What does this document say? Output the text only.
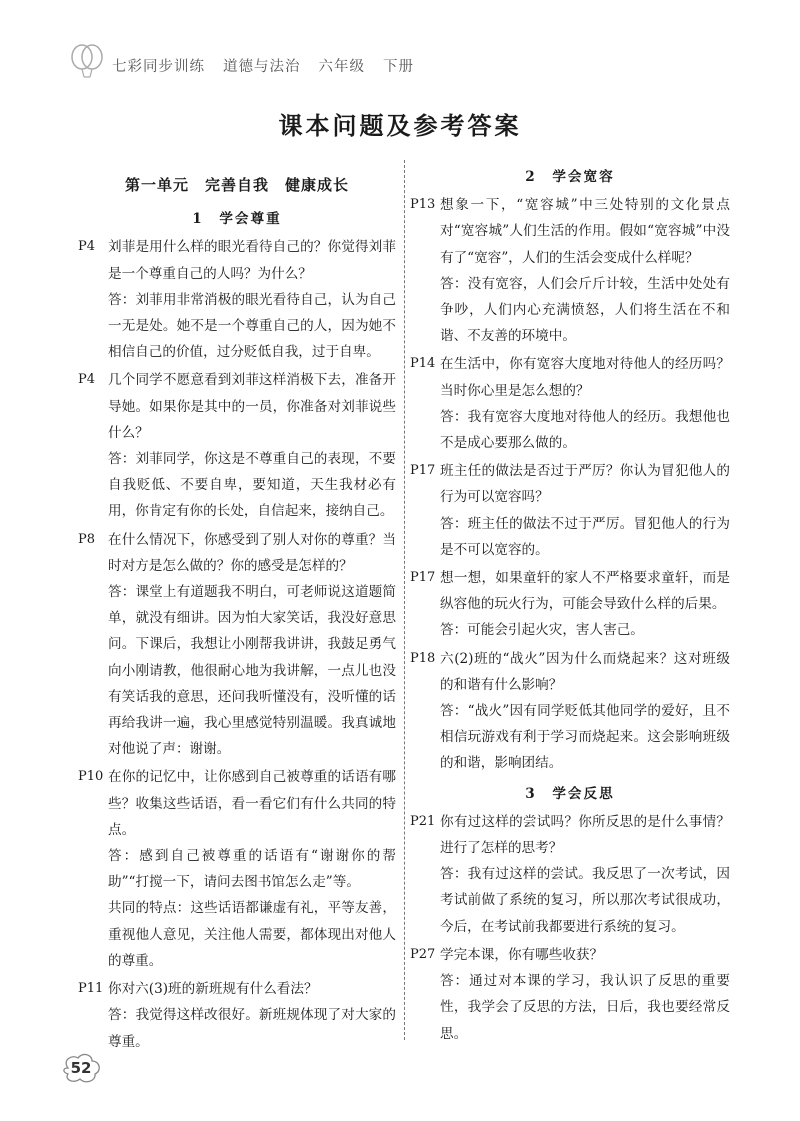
七彩同步训练 道德与法治 六年级 下册
课本问题及参考答案
第一单元　完善自我　健康成长
1　学会尊重
P4 刘菲是用什么样的眼光看待自己的？你觉得刘菲是一个尊重自己的人吗？为什么？
答：刘菲用非常消极的眼光看待自己，认为自己一无是处。她不是一个尊重自己的人，因为她不相信自己的价值，过分贬低自我，过于自卑。
P4 几个同学不愿意看到刘菲这样消极下去，准备开导她。如果你是其中的一员，你准备对刘菲说些什么？
答：刘菲同学，你这是不尊重自己的表现，不要自我贬低、不要自卑，要知道，天生我材必有用，你肯定有你的长处，自信起来，接纳自己。
P8 在什么情况下，你感受到了别人对你的尊重？当时对方是怎么做的？你的感受是怎样的？
答：课堂上有道题我不明白，可老师说这道题简单，就没有细讲。因为怕大家笑话，我没好意思问。下课后，我想让小刚帮我讲讲，我鼓足勇气向小刚请教，他很耐心地为我讲解，一点儿也没有笑话我的意思，还问我听懂没有，没听懂的话再给我讲一遍，我心里感觉特别温暖。我真诚地对他说了声：谢谢。
P10 在你的记忆中，让你感到自己被尊重的话语有哪些？收集这些话语，看一看它们有什么共同的特点。
答：感到自己被尊重的话语有“谢谢你的帮助”“打搅一下，请问去图书馆怎么走”等。
共同的特点：这些话语都谦虚有礼，平等友善，重视他人意见，关注他人需要，都体现出对他人的尊重。
P11 你对六(3)班的新班规有什么看法？
答：我觉得这样改很好。新班规体现了对大家的尊重。
2　学会宽容
P13 想象一下，“宽容城”中三处特别的文化景点对“宽容城”人们生活的作用。假如“宽容城”中没有了“宽容”，人们的生活会变成什么样呢？
答：没有宽容，人们会斤斤计较，生活中处处有争吵，人们内心充满愤怒，人们将生活在不和谐、不友善的环境中。
P14 在生活中，你有宽容大度地对待他人的经历吗？当时你心里是怎么想的？
答：我有宽容大度地对待他人的经历。我想他也不是成心要那么做的。
P17 班主任的做法是否过于严厉？你认为冒犯他人的行为可以宽容吗？
答：班主任的做法不过于严厉。冒犯他人的行为是不可以宽容的。
P17 想一想，如果童轩的家人不严格要求童轩，而是纵容他的玩火行为，可能会导致什么样的后果。
答：可能会引起火灾，害人害己。
P18 六(2)班的“战火”因为什么而烧起来？这对班级的和谐有什么影响？
答：“战火”因有同学贬低其他同学的爱好，且不相信玩游戏有利于学习而烧起来。这会影响班级的和谐，影响团结。
3　学会反思
P21 你有过这样的尝试吗？你所反思的是什么事情？进行了怎样的思考？
答：我有过这样的尝试。我反思了一次考试，因考试前做了系统的复习，所以那次考试很成功，今后，在考试前我都要进行系统的复习。
P27 学完本课，你有哪些收获？
答：通过对本课的学习，我认识了反思的重要性，我学会了反思的方法，日后，我也要经常反思。
52
